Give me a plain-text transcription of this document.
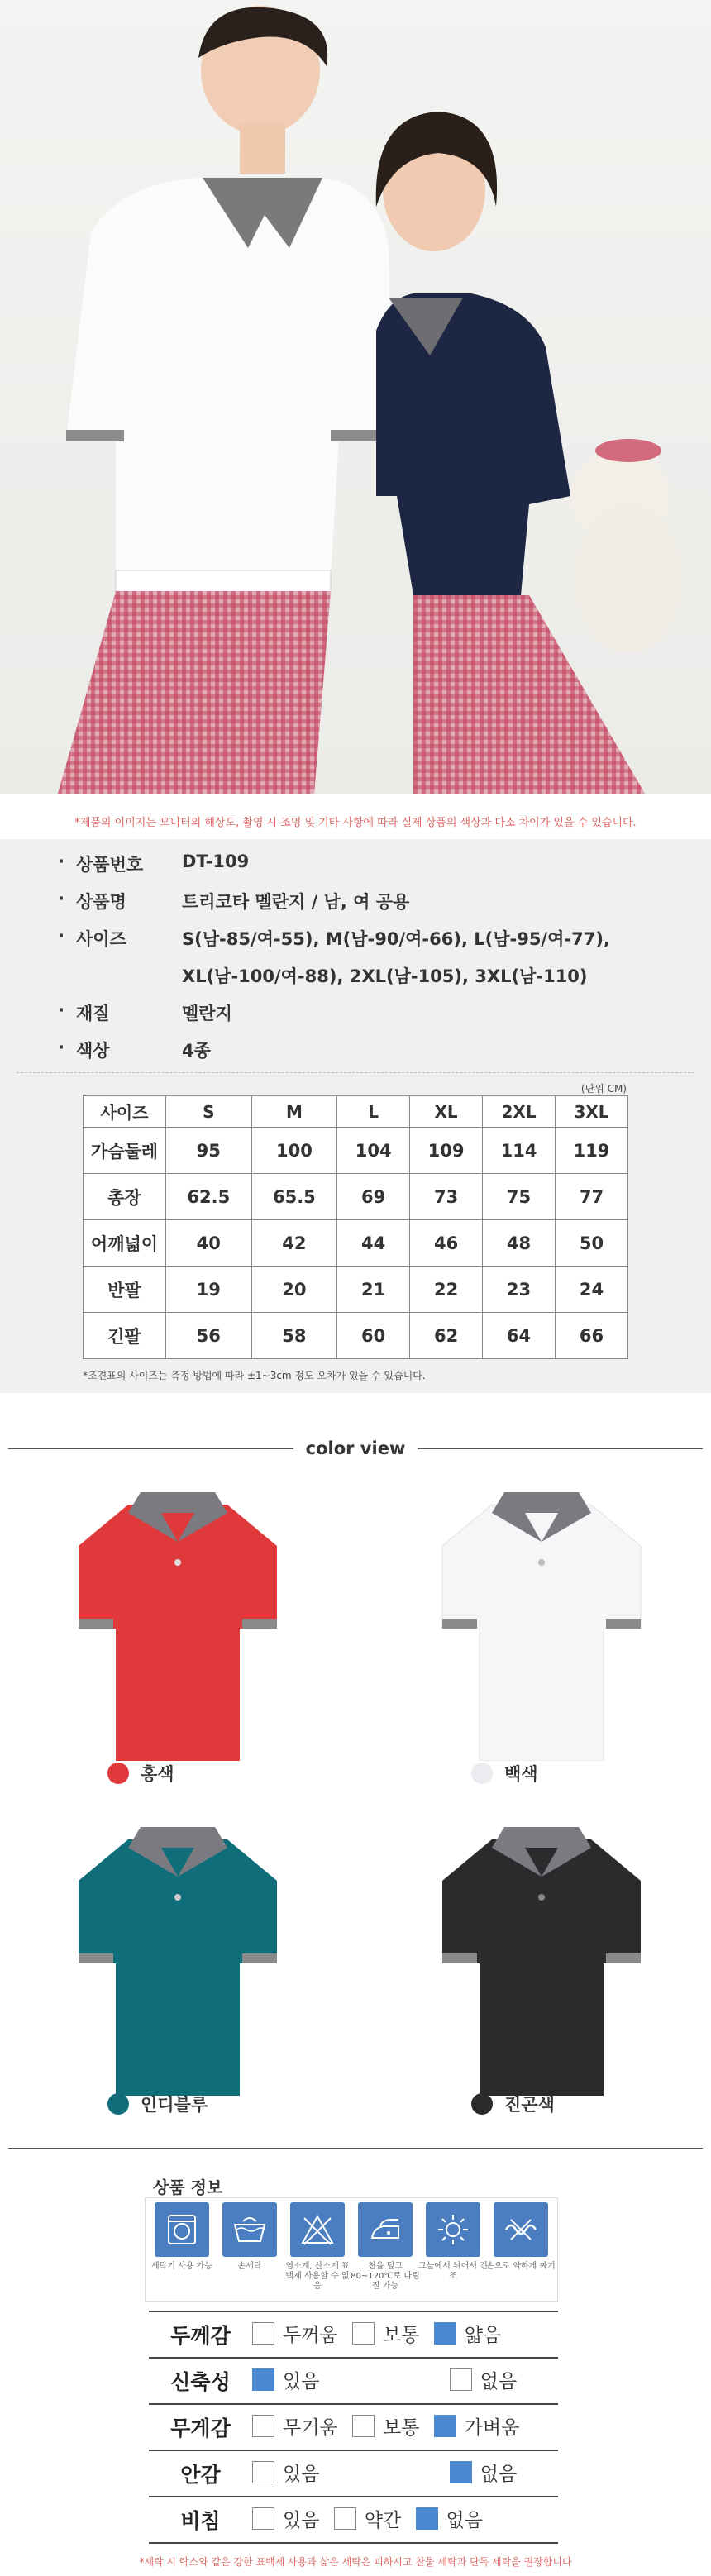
*제품의 이미지는 모니터의 해상도, 촬영 시 조명 및 기타 사항에 따라 실제 상품의 색상과 다소 차이가 있을 수 있습니다.
· 상품번호	DT-109
· 상품명	트리코타 멜란지 / 남, 여 공용
· 사이즈	S(남-85/여-55), M(남-90/여-66), L(남-95/여-77),
XL(남-100/여-88), 2XL(남-105), 3XL(남-110)
· 재질	멜란지
· 색상	4종
(단위 CM)
사이즈	S	M	L	XL	2XL	3XL
가슴둘레	95	100	104	109	114	119
총장	62.5	65.5	69	73	75	77
어깨넓이	40	42	44	46	48	50
반팔	19	20	21	22	23	24
긴팔	56	58	60	62	64	66
*조견표의 사이즈는 측정 방법에 따라 ±1~3cm 정도 오차가 있을 수 있습니다.
color view
홍색	백색
인디블루	진곤색
상품 정보
세탁기 사용 가능	손세탁	염소계, 산소계 표백제 사용할 수 없음
천을 덮고 80~120℃로 다림질 가능
그늘에서 뉘어서 건조
손으로 약하게 짜기
두께감	두꺼움
보통
얇음

신축성	있음
없음

무게감	무거움
보통
가벼움

안감	있음
없음

비침	있음
약간
없음
*세탁 시 락스와 같은 강한 표백제 사용과 삶은 세탁은 피하시고 찬물 세탁과 단독 세탁을 권장합니다
